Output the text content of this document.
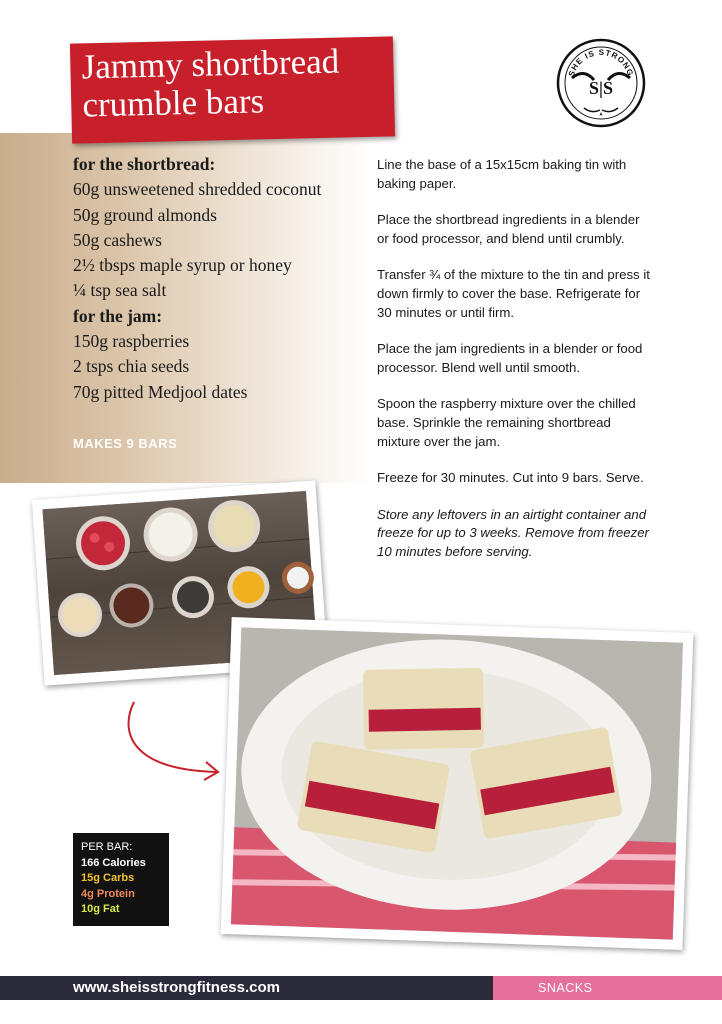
Jammy shortbread crumble bars
SHE IS STRONG
S|S
for the shortbread:
60g unsweetened shredded coconut
50g ground almonds
50g cashews
2½ tbsps maple syrup or honey
¼ tsp sea salt
for the jam:
150g raspberries
2 tsps chia seeds
70g pitted Medjool dates
MAKES 9 BARS

Line the base of a 15x15cm baking tin with baking paper.

Place the shortbread ingredients in a blender or food processor, and blend until crumbly.

Transfer ¾ of the mixture to the tin and press it down firmly to cover the base. Refrigerate for 30 minutes or until firm.

Place the jam ingredients in a blender or food processor. Blend well until smooth.

Spoon the raspberry mixture over the chilled base. Sprinkle the remaining shortbread mixture over the jam.

Freeze for 30 minutes. Cut into 9 bars. Serve.

Store any leftovers in an airtight container and freeze for up to 3 weeks. Remove from freezer 10 minutes before serving.

PER BAR:
166 Calories
15g Carbs
4g Protein
10g Fat
www.sheisstrongfitness.com	SNACKS
